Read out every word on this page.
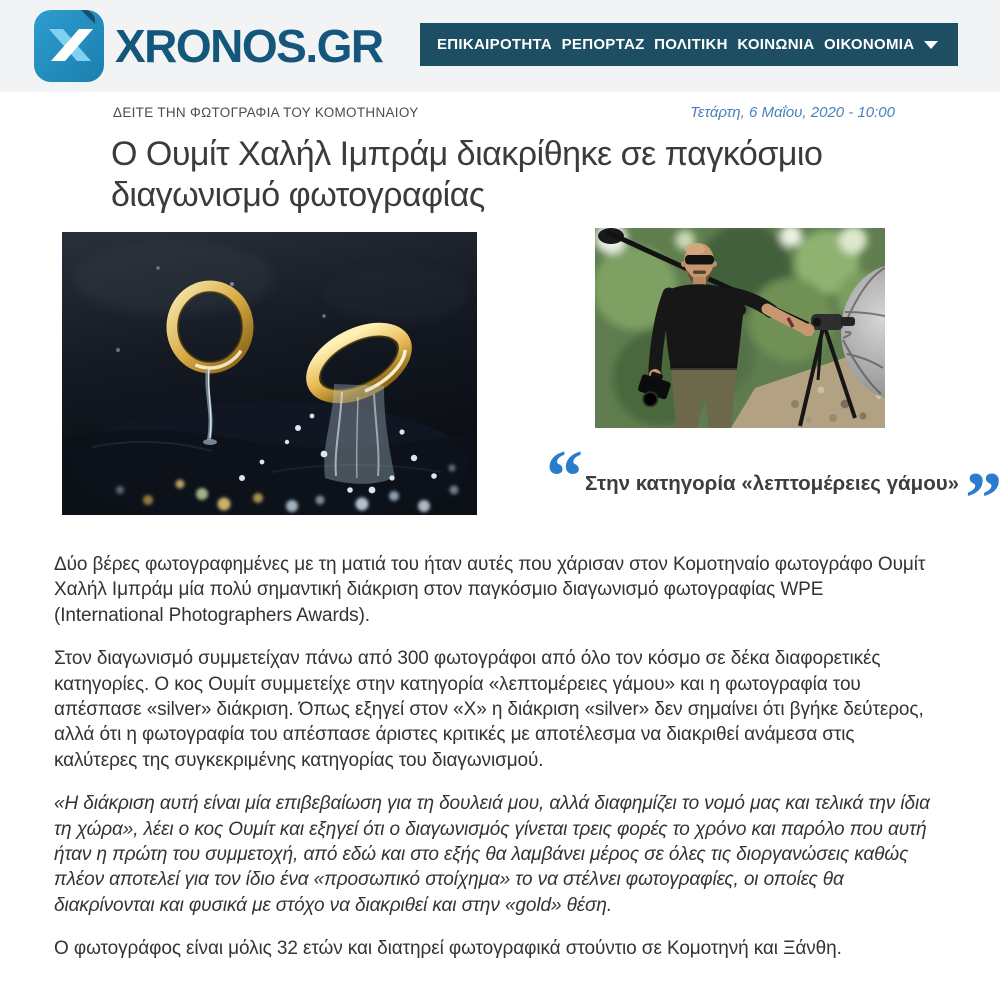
XRONOS.GR	ΕΠΙΚΑΙΡΟΤΗΤΑ ΡΕΠΟΡΤΑΖ ΠΟΛΙΤΙΚΗ ΚΟΙΝΩΝΙΑ ΟΙΚΟΝΟΜΙΑ
ΔΕΙΤΕ ΤΗΝ ΦΩΤΟΓΡΑΦΙΑ ΤΟΥ ΚΟΜΟΤΗΝΑΙΟΥ	Τετάρτη, 6 Μαΐου, 2020 - 10:00
Ο Ουμίτ Χαλήλ Ιμπράμ διακρίθηκε σε παγκόσμιο διαγωνισμό φωτογραφίας
“ Στην κατηγορία «λεπτομέρειες γάμου» ”

Δύο βέρες φωτογραφημένες με τη ματιά του ήταν αυτές που χάρισαν στον Κομοτηναίο φωτογράφο Ουμίτ Χαλήλ Ιμπράμ μία πολύ σημαντική διάκριση στον παγκόσμιο διαγωνισμό φωτογραφίας WPE (International Photographers Awards).

Στον διαγωνισμό συμμετείχαν πάνω από 300 φωτογράφοι από όλο τον κόσμο σε δέκα διαφορετικές κατηγορίες. Ο κος Ουμίτ συμμετείχε στην κατηγορία «λεπτομέρειες γάμου» και η φωτογραφία του απέσπασε «silver» διάκριση. Όπως εξηγεί στον «X» η διάκριση «silver» δεν σημαίνει ότι βγήκε δεύτερος, αλλά ότι η φωτογραφία του απέσπασε άριστες κριτικές με αποτέλεσμα να διακριθεί ανάμεσα στις καλύτερες της συγκεκριμένης κατηγορίας του διαγωνισμού.

«Η διάκριση αυτή είναι μία επιβεβαίωση για τη δουλειά μου, αλλά διαφημίζει το νομό μας και τελικά την ίδια τη χώρα», λέει ο κος Ουμίτ και εξηγεί ότι ο διαγωνισμός γίνεται τρεις φορές το χρόνο και παρόλο που αυτή ήταν η πρώτη του συμμετοχή, από εδώ και στο εξής θα λαμβάνει μέρος σε όλες τις διοργανώσεις καθώς πλέον αποτελεί για τον ίδιο ένα «προσωπικό στοίχημα» το να στέλνει φωτογραφίες, οι οποίες θα διακρίνονται και φυσικά με στόχο να διακριθεί και στην «gold» θέση.

Ο φωτογράφος είναι μόλις 32 ετών και διατηρεί φωτογραφικά στούντιο σε Κομοτηνή και Ξάνθη.
